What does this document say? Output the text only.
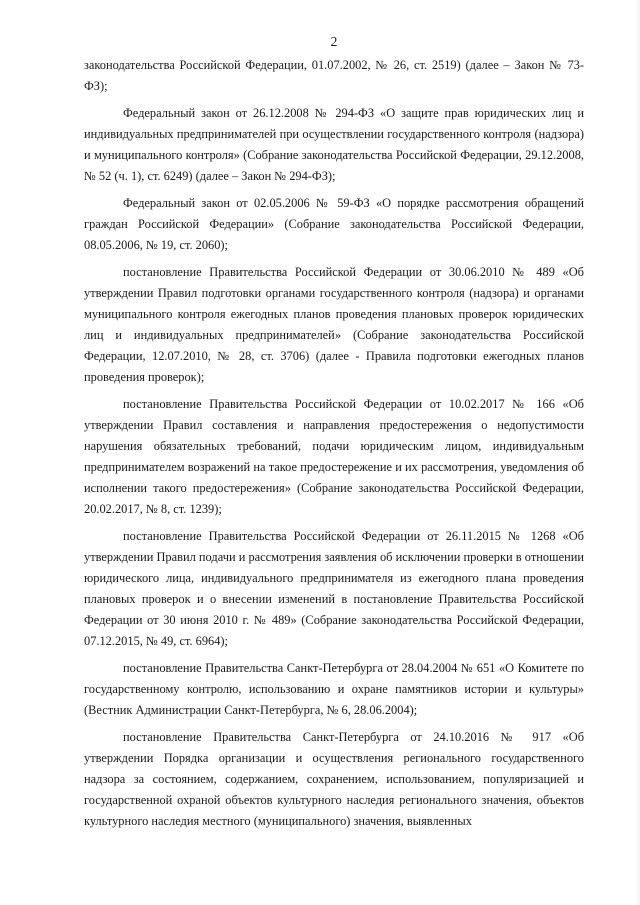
2

законодательства Российской Федерации, 01.07.2002, № 26, ст. 2519) (далее – Закон № 73-ФЗ);

Федеральный закон от 26.12.2008 № 294-ФЗ «О защите прав юридических лиц и индивидуальных предпринимателей при осуществлении государственного контроля (надзора) и муниципального контроля» (Собрание законодательства Российской Федерации, 29.12.2008, № 52 (ч. 1), ст. 6249) (далее – Закон № 294-ФЗ);

Федеральный закон от 02.05.2006 № 59-ФЗ «О порядке рассмотрения обращений граждан Российской Федерации» (Собрание законодательства Российской Федерации, 08.05.2006, № 19, ст. 2060);

постановление Правительства Российской Федерации от 30.06.2010 № 489 «Об утверждении Правил подготовки органами государственного контроля (надзора) и органами муниципального контроля ежегодных планов проведения плановых проверок юридических лиц и индивидуальных предпринимателей» (Собрание законодательства Российской Федерации, 12.07.2010, № 28, ст. 3706) (далее - Правила подготовки ежегодных планов проведения проверок);

постановление Правительства Российской Федерации от 10.02.2017 № 166 «Об утверждении Правил составления и направления предостережения о недопустимости нарушения обязательных требований, подачи юридическим лицом, индивидуальным предпринимателем возражений на такое предостережение и их рассмотрения, уведомления об исполнении такого предостережения» (Собрание законодательства Российской Федерации, 20.02.2017, № 8, ст. 1239);

постановление Правительства Российской Федерации от 26.11.2015 № 1268 «Об утверждении Правил подачи и рассмотрения заявления об исключении проверки в отношении юридического лица, индивидуального предпринимателя из ежегодного плана проведения плановых проверок и о внесении изменений в постановление Правительства Российской Федерации от 30 июня 2010 г. № 489» (Собрание законодательства Российской Федерации, 07.12.2015, № 49, ст. 6964);

постановление Правительства Санкт-Петербурга от 28.04.2004 № 651 «О Комитете по государственному контролю, использованию и охране памятников истории и культуры» (Вестник Администрации Санкт-Петербурга, № 6, 28.06.2004);

постановление Правительства Санкт-Петербурга от 24.10.2016 № 917 «Об утверждении Порядка организации и осуществления регионального государственного надзора за состоянием, содержанием, сохранением, использованием, популяризацией и государственной охраной объектов культурного наследия регионального значения, объектов культурного наследия местного (муниципального) значения, выявленных
